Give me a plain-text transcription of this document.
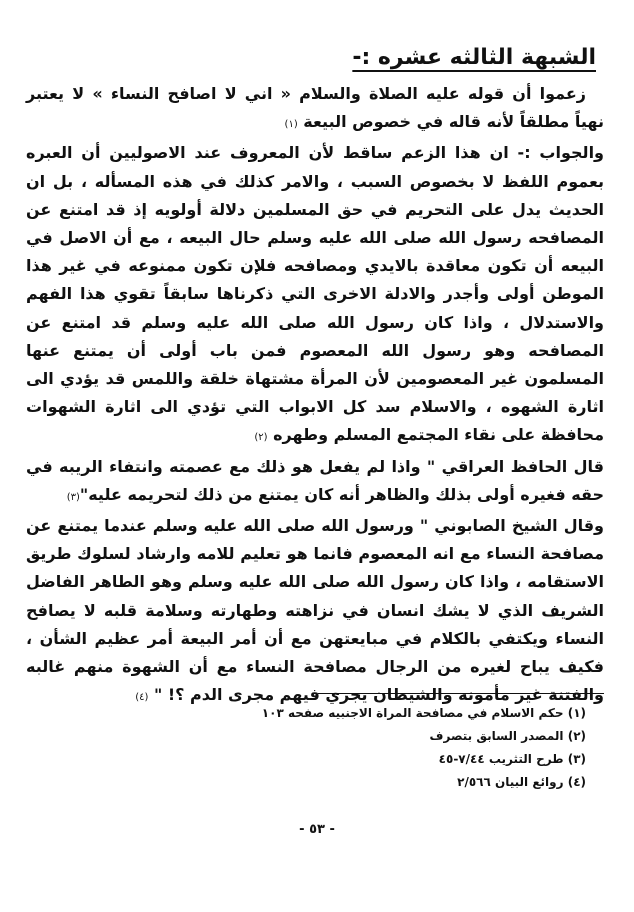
الشبهة الثالثه عشره :-

زعموا أن قوله عليه الصلاة والسلام « اني لا اصافح النساء » لا يعتبر نهياً مطلقاً لأنه قاله في خصوص البيعة (١)

والجواب :- ان هذا الزعم ساقط لأن المعروف عند الاصوليين أن العبره بعموم اللفظ لا بخصوص السبب ، والامر كذلك في هذه المسأله ، بل ان الحديث يدل على التحريم في حق المسلمين دلالة أولويه إذ قد امتنع عن المصافحه رسول الله صلى الله عليه وسلم حال البيعه ، مع أن الاصل في البيعه أن تكون معاقدة بالايدي ومصافحه فلإن تكون ممنوعه في غير هذا الموطن أولى وأجدر والادلة الاخرى التي ذكرناها سابقاً تقوي هذا الفهم والاستدلال ، واذا كان رسول الله صلى الله عليه وسلم قد امتنع عن المصافحه وهو رسول الله المعصوم فمن باب أولى أن يمتنع عنها المسلمون غير المعصومين لأن المرأة مشتهاة خلقة واللمس قد يؤدي الى اثارة الشهوه ، والاسلام سد كل الابواب التي تؤدي الى اثارة الشهوات محافظة على نقاء المجتمع المسلم وطهره (٢)

قال الحافظ العراقي " واذا لم يفعل هو ذلك مع عصمته وانتفاء الريبه في حقه فغيره أولى بذلك والظاهر أنه كان يمتنع من ذلك لتحريمه عليه"(٣)

وقال الشيخ الصابوني " ورسول الله صلى الله عليه وسلم عندما يمتنع عن مصافحة النساء مع انه المعصوم فانما هو تعليم للامه وارشاد لسلوك طريق الاستقامه ، واذا كان رسول الله صلى الله عليه وسلم وهو الطاهر الفاضل الشريف الذي لا يشك انسان في نزاهته وطهارته وسلامة قلبه لا يصافح النساء ويكتفي بالكلام في مبايعتهن مع أن أمر البيعة أمر عظيم الشأن ، فكيف يباح لغيره من الرجال مصافحة النساء مع أن الشهوة منهم غالبه والفتنة غير مأمونه والشيطان يجري فيهم مجرى الدم ؟! " (٤)

(١) حكم الاسلام في مصافحة المراة الاجنبيه صفحه ١٠٣
(٢) المصدر السابق بتصرف
(٣) طرح التثريب ٧/٤٤-٤٥
(٤) روائع البيان ٢/٥٦٦
- ٥٣ -
